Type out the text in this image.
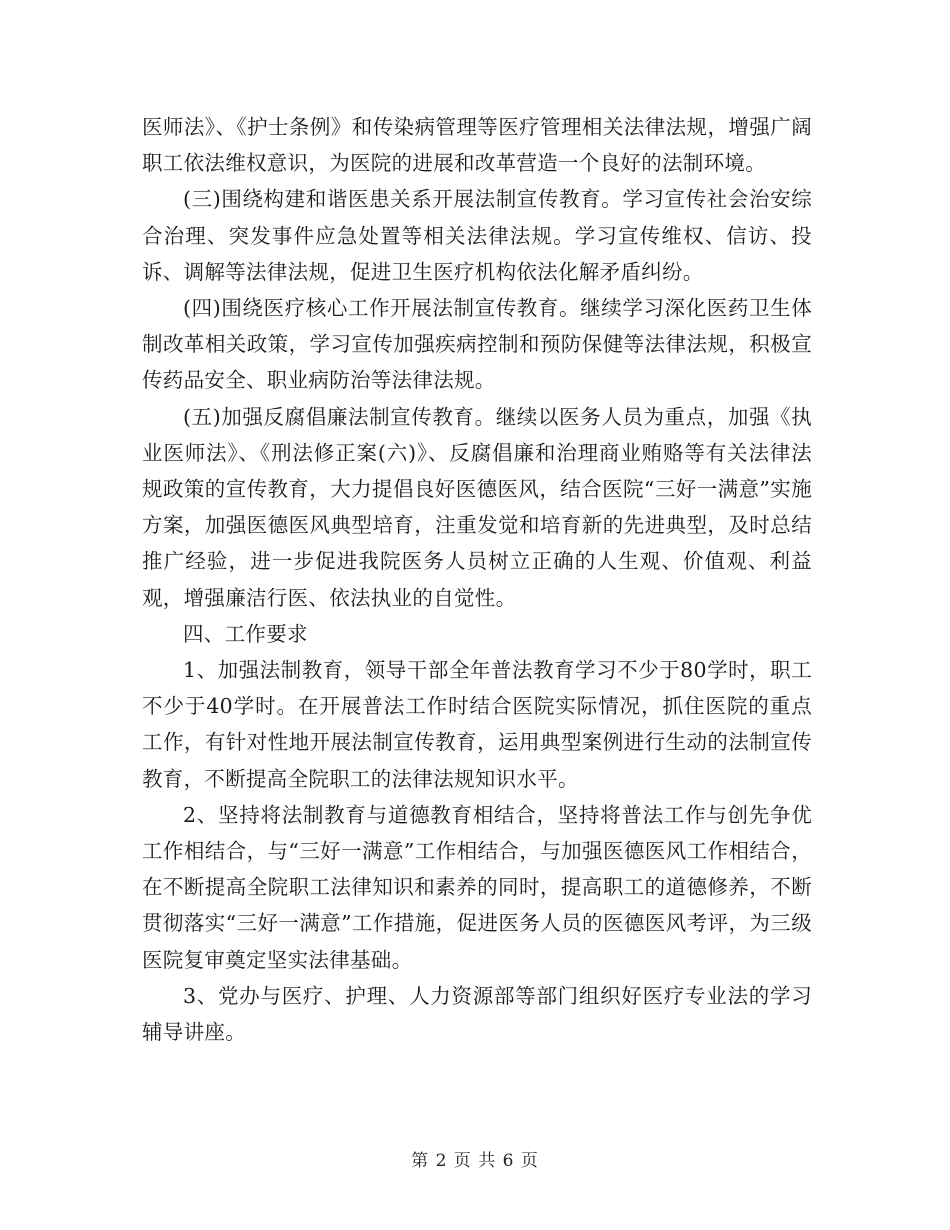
医师法》、《护士条例》和传染病管理等医疗管理相关法律法规，增强广阔职工依法维权意识，为医院的进展和改革营造一个良好的法制环境。

(三)围绕构建和谐医患关系开展法制宣传教育。学习宣传社会治安综合治理、突发事件应急处置等相关法律法规。学习宣传维权、信访、投诉、调解等法律法规，促进卫生医疗机构依法化解矛盾纠纷。

(四)围绕医疗核心工作开展法制宣传教育。继续学习深化医药卫生体制改革相关政策，学习宣传加强疾病控制和预防保健等法律法规，积极宣传药品安全、职业病防治等法律法规。

(五)加强反腐倡廉法制宣传教育。继续以医务人员为重点，加强《执业医师法》、《刑法修正案(六)》、反腐倡廉和治理商业贿赂等有关法律法规政策的宣传教育，大力提倡良好医德医风，结合医院“三好一满意”实施方案，加强医德医风典型培育，注重发觉和培育新的先进典型，及时总结推广经验，进一步促进我院医务人员树立正确的人生观、价值观、利益观，增强廉洁行医、依法执业的自觉性。

四、工作要求

1、加强法制教育，领导干部全年普法教育学习不少于80学时，职工不少于40学时。在开展普法工作时结合医院实际情况，抓住医院的重点工作，有针对性地开展法制宣传教育，运用典型案例进行生动的法制宣传教育，不断提高全院职工的法律法规知识水平。

2、坚持将法制教育与道德教育相结合，坚持将普法工作与创先争优工作相结合，与“三好一满意”工作相结合，与加强医德医风工作相结合，在不断提高全院职工法律知识和素养的同时，提高职工的道德修养，不断贯彻落实“三好一满意”工作措施，促进医务人员的医德医风考评，为三级医院复审奠定坚实法律基础。

3、党办与医疗、护理、人力资源部等部门组织好医疗专业法的学习辅导讲座。

第 2 页 共 6 页
